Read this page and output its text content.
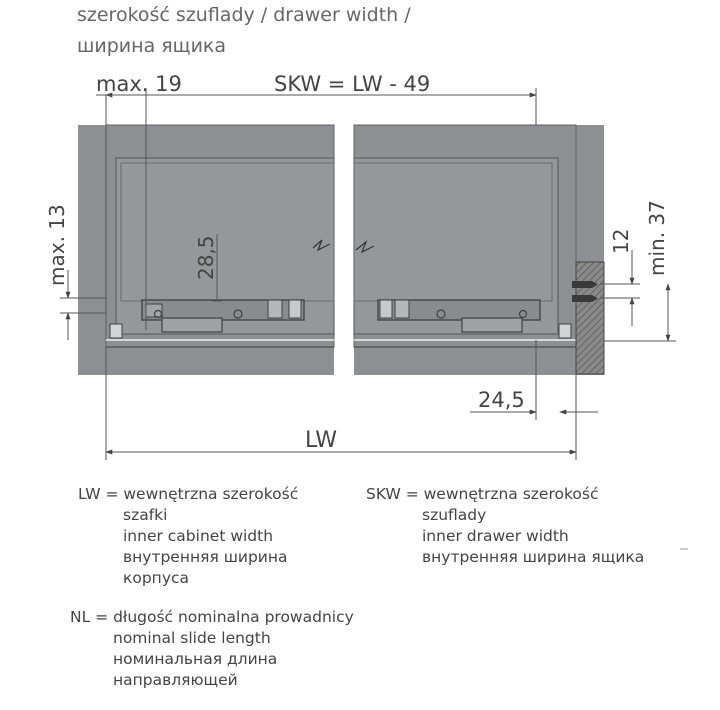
szerokość szuflady / drawer width /
ширина ящика
max. 19	SKW = LW - 49
max. 13	28,5	12 min. 37
24,5
LW
LW = wewnętrzna szerokość
szafki
inner cabinet width
внутренняя ширина
корпуса
SKW = wewnętrzna szerokość
szuflady
inner drawer width
внутренняя ширина ящика
NL = długość nominalna prowadnicy
nominal slide length
номинальная длина
направляющей
